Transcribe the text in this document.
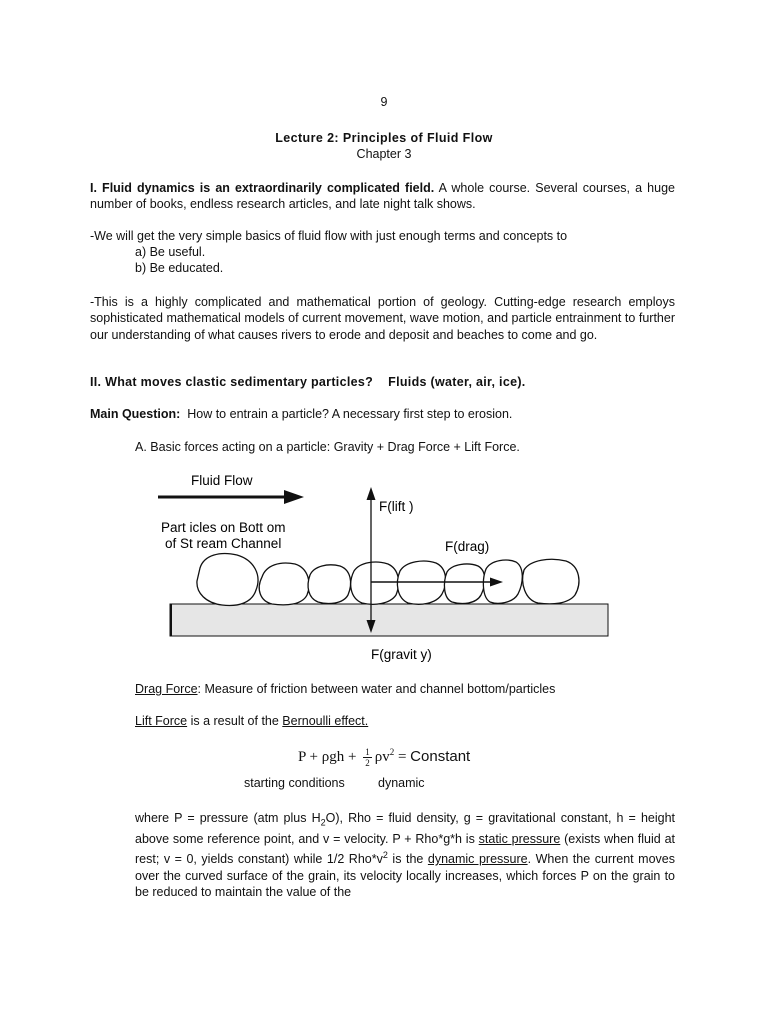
9
Lecture 2: Principles of Fluid Flow
Chapter 3
I. Fluid dynamics is an extraordinarily complicated field. A whole course. Several courses, a huge number of books, endless research articles, and late night talk shows.
-We will get the very simple basics of fluid flow with just enough terms and concepts to
a) Be useful.
b) Be educated.
-This is a highly complicated and mathematical portion of geology. Cutting-edge research employs sophisticated mathematical models of current movement, wave motion, and particle entrainment to further our understanding of what causes rivers to erode and deposit and beaches to come and go.
II. What moves clastic sedimentary particles? Fluids (water, air, ice).
Main Question: How to entrain a particle? A necessary first step to erosion.
A. Basic forces acting on a particle: Gravity + Drag Force + Lift Force.
Fluid Flow
Part icles on Bott om
of St ream Channel
F(lift )
F(drag)
F(gravit y)
Drag Force: Measure of friction between water and channel bottom/particles
Lift Force is a result of the Bernoulli effect.
$P + \rho gh + \frac{1}{2} \rho v^2$ = Constant
starting conditions	dynamic
where P = pressure (atm plus $H_2O$), Rho = fluid density, g = gravitational constant, h = height above some reference point, and v = velocity. P + Rho*g*h is static pressure (exists when fluid at rest; v = 0, yields constant) while 1/2 $Rho*v^2$ is the dynamic pressure. When the current moves over the curved surface of the grain, its velocity locally increases, which forces P on the grain to be reduced to maintain the value of the
